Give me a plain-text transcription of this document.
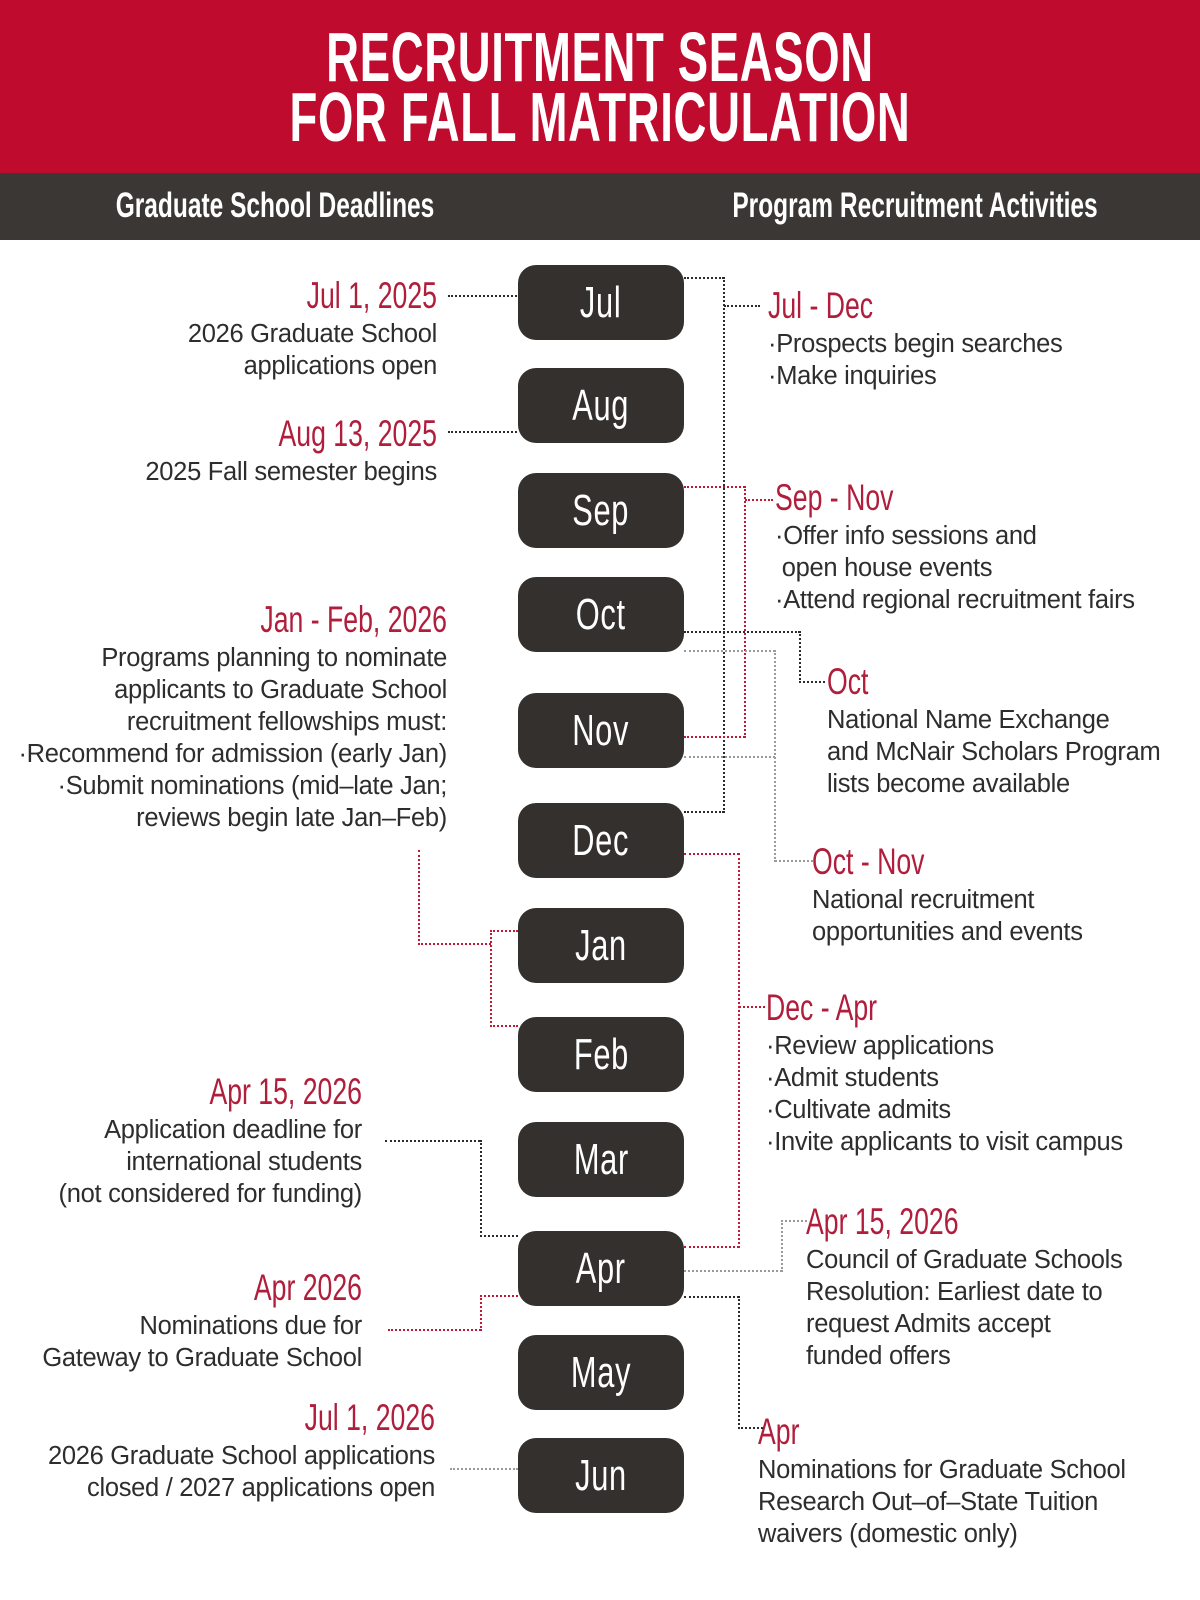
RECRUITMENT SEASON
FOR FALL MATRICULATION
Graduate School Deadlines	Program Recruitment Activities
Jul
Aug
Sep
Oct
Nov
Dec
Jan
Feb
Mar
Apr
May
Jun
Jul 1, 2025
2026 Graduate School
applications open
Aug 13, 2025
2025 Fall semester begins
Jan - Feb, 2026
Programs planning to nominate
applicants to Graduate School
recruitment fellowships must:
·Recommend for admission (early Jan)
·Submit nominations (mid–late Jan;
reviews begin late Jan–Feb)
Apr 15, 2026
Application deadline for
international students
(not considered for funding)
Apr 2026
Nominations due for
Gateway to Graduate School
Jul 1, 2026
2026 Graduate School applications
closed / 2027 applications open
Jul - Dec
·Prospects begin searches
·Make inquiries
Sep - Nov
·Offer info sessions and
open house events
·Attend regional recruitment fairs
Oct
National Name Exchange
and McNair Scholars Program
lists become available
Oct - Nov
National recruitment
opportunities and events
Dec - Apr
·Review applications
·Admit students
·Cultivate admits
·Invite applicants to visit campus
Apr 15, 2026
Council of Graduate Schools
Resolution: Earliest date to
request Admits accept
funded offers
Apr
Nominations for Graduate School
Research Out–of–State Tuition
waivers (domestic only)
